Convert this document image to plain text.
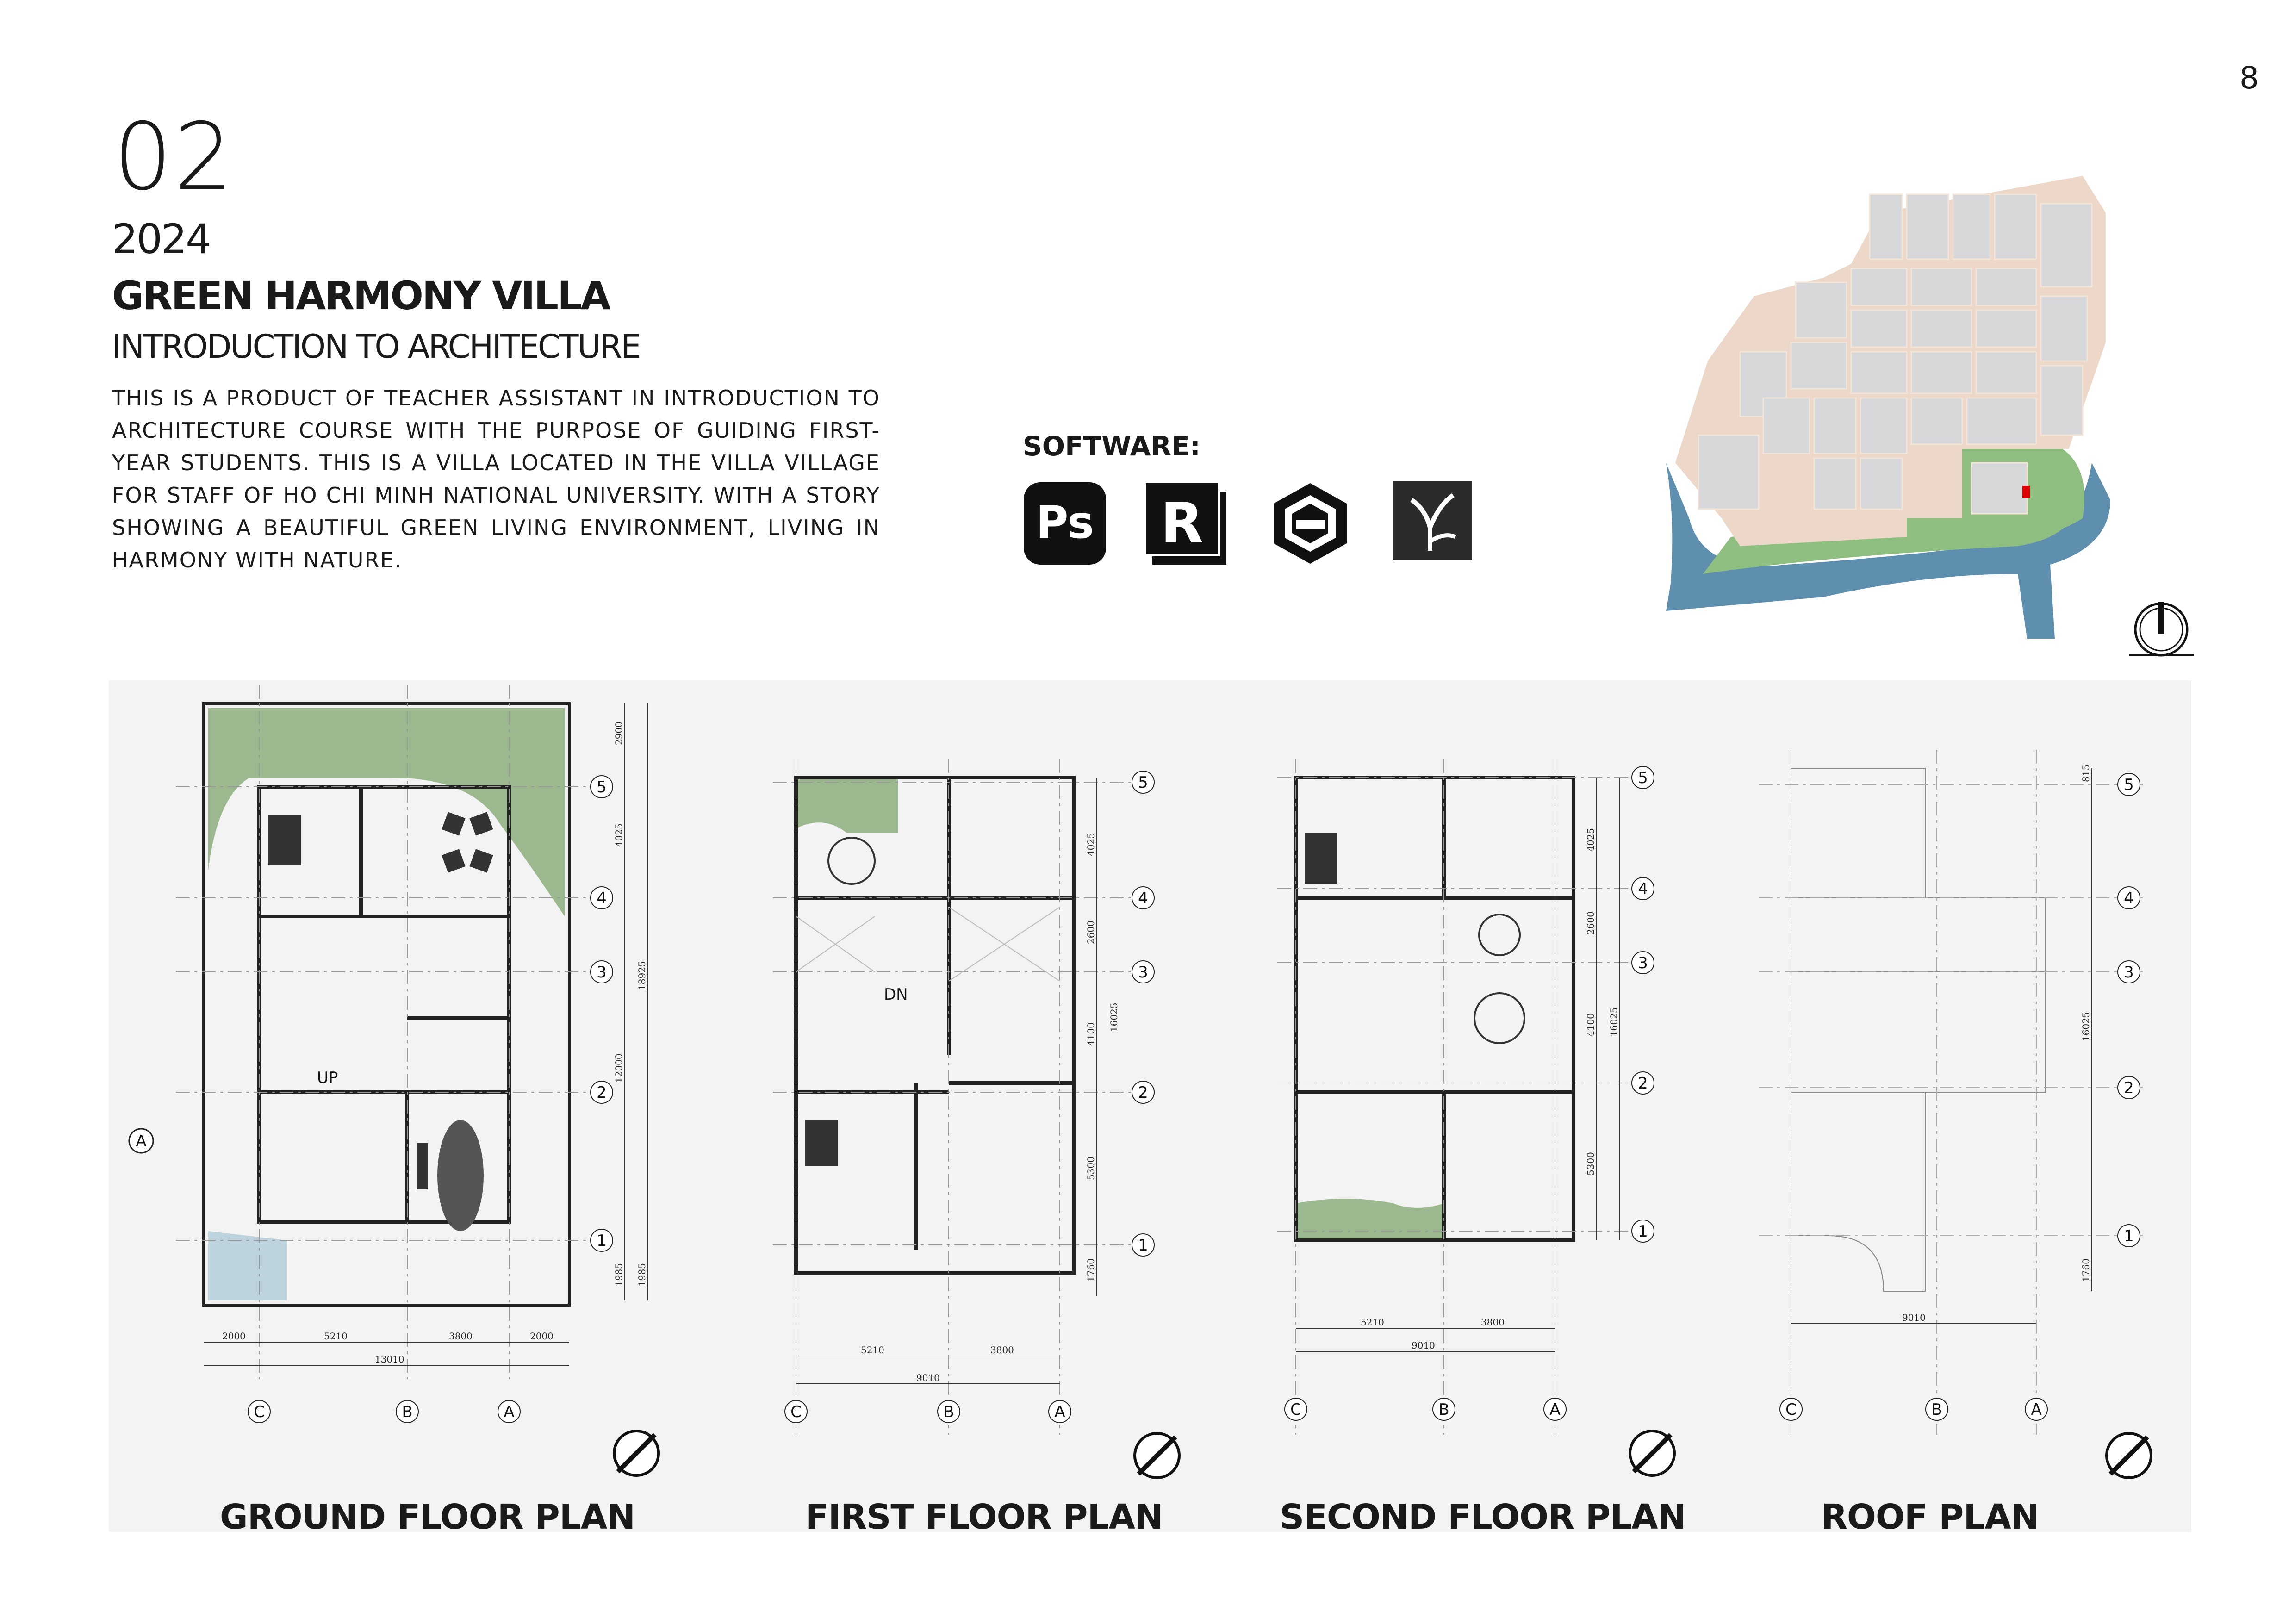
8
02
2024
GREEN HARMONY VILLA
INTRODUCTION TO ARCHITECTURE
THIS IS A PRODUCT OF TEACHER ASSISTANT IN INTRODUCTION TO ARCHITECTURE COURSE WITH THE PURPOSE OF GUIDING FIRST-YEAR STUDENTS. THIS IS A VILLA LOCATED IN THE VILLA VILLAGE FOR STAFF OF HO CHI MINH NATIONAL UNIVERSITY. WITH A STORY SHOWING A BEAUTIFUL GREEN LIVING ENVIRONMENT, LIVING IN HARMONY WITH NATURE.
SOFTWARE:
Ps R
UP
5
4
3
2
1
C	B	A
A
2900
4025
18925
12000
1985 1985
2000	5210	3800	2000
13010
GROUND FLOOR PLAN
DN
5
4
3
2
1
C	B	A
4025
2600
16025
4100
5300
1760
5210	3800
9010
FIRST FLOOR PLAN
5
4
3
2
1
C	B	A
4025
2600
4100 16025
5300
5210	3800
9010
SECOND FLOOR PLAN
5
4
3
2
1
C	B	A
815
16025
1760
9010
ROOF PLAN
